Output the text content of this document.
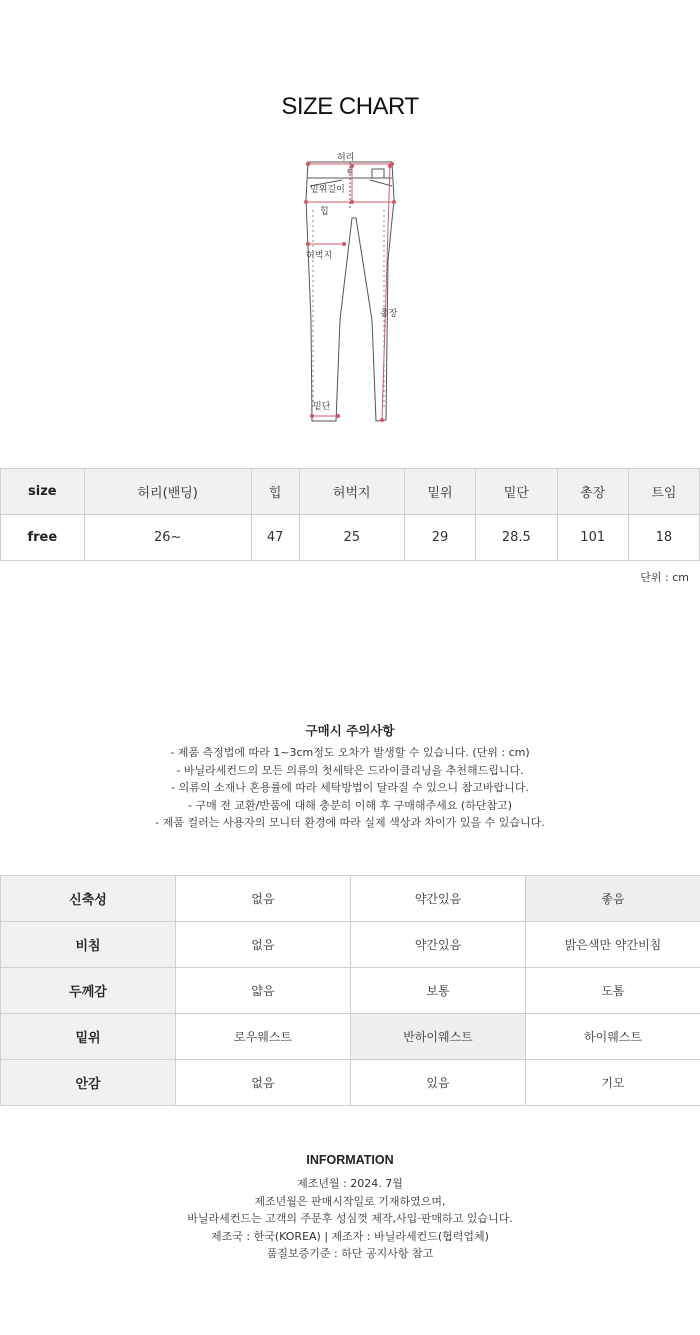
SIZE CHART
허리
밑위길이
힙
허벅지
총장
밑단
size	허리(밴딩)	힙	허벅지	밑위	밑단	총장	트임
free	26~	47	25	29	28.5	101	18
단위 : cm
구매시 주의사항
- 제품 측정법에 따라 1~3cm정도 오차가 발생할 수 있습니다. (단위 : cm)
- 바닐라세컨드의 모든 의류의 첫세탁은 드라이클리닝을 추천해드립니다.
- 의류의 소재나 혼용률에 따라 세탁방법이 달라질 수 있으니 참고바랍니다.
- 구매 전 교환/반품에 대해 충분히 이해 후 구매해주세요 (하단참고)
- 제품 컬러는 사용자의 모니터 환경에 따라 실제 색상과 차이가 있을 수 있습니다.
신축성	없음	약간있음	좋음
비침	없음	약간있음	밝은색만 약간비침
두께감	얇음	보통	도톰
밑위	로우웨스트	반하이웨스트	하이웨스트
안감	없음	있음	기모
INFORMATION
제조년월 : 2024. 7월
제조년월은 판매시작일로 기재하였으며,
바닐라세컨드는 고객의 주문후 성심껏 제작,사입·판매하고 있습니다.
제조국 : 한국(KOREA) | 제조자 : 바닐라세컨드(협력업체)
품질보증기준 : 하단 공지사항 참고
